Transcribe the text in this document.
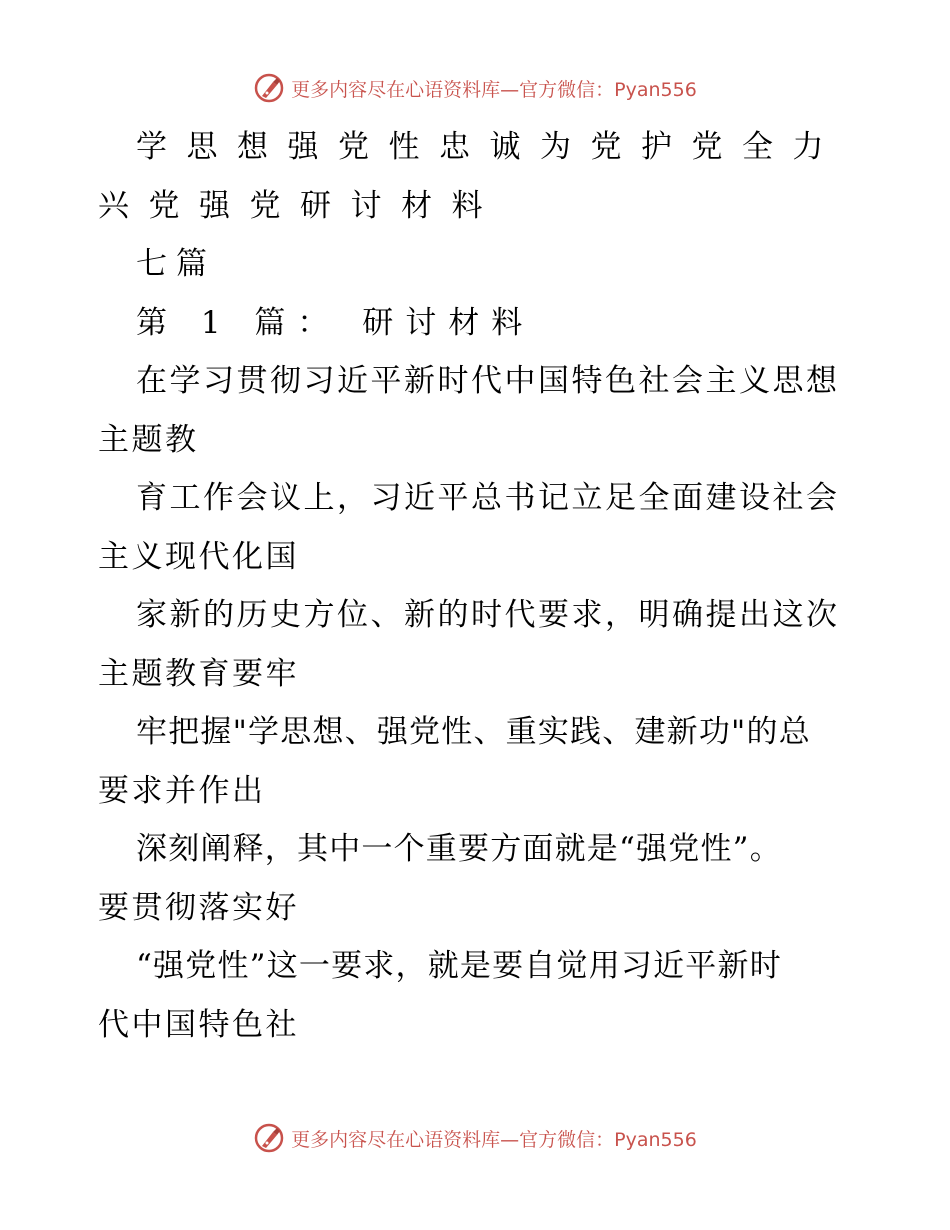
更多内容尽在心语资料库—官方微信：Pyan556
学思想强党性忠诚为党护党全力
兴党强党研讨材料
七篇
第 1 篇： 研讨材料
在学习贯彻习近平新时代中国特色社会主义思想
主题教
育工作会议上，习近平总书记立足全面建设社会
主义现代化国
家新的历史方位、新的时代要求，明确提出这次
主题教育要牢
牢把握"学思想、强党性、重实践、建新功"的总
要求并作出
深刻阐释，其中一个重要方面就是“强党性”。
要贯彻落实好
“强党性”这一要求，就是要自觉用习近平新时
代中国特色社
更多内容尽在心语资料库—官方微信：Pyan556
